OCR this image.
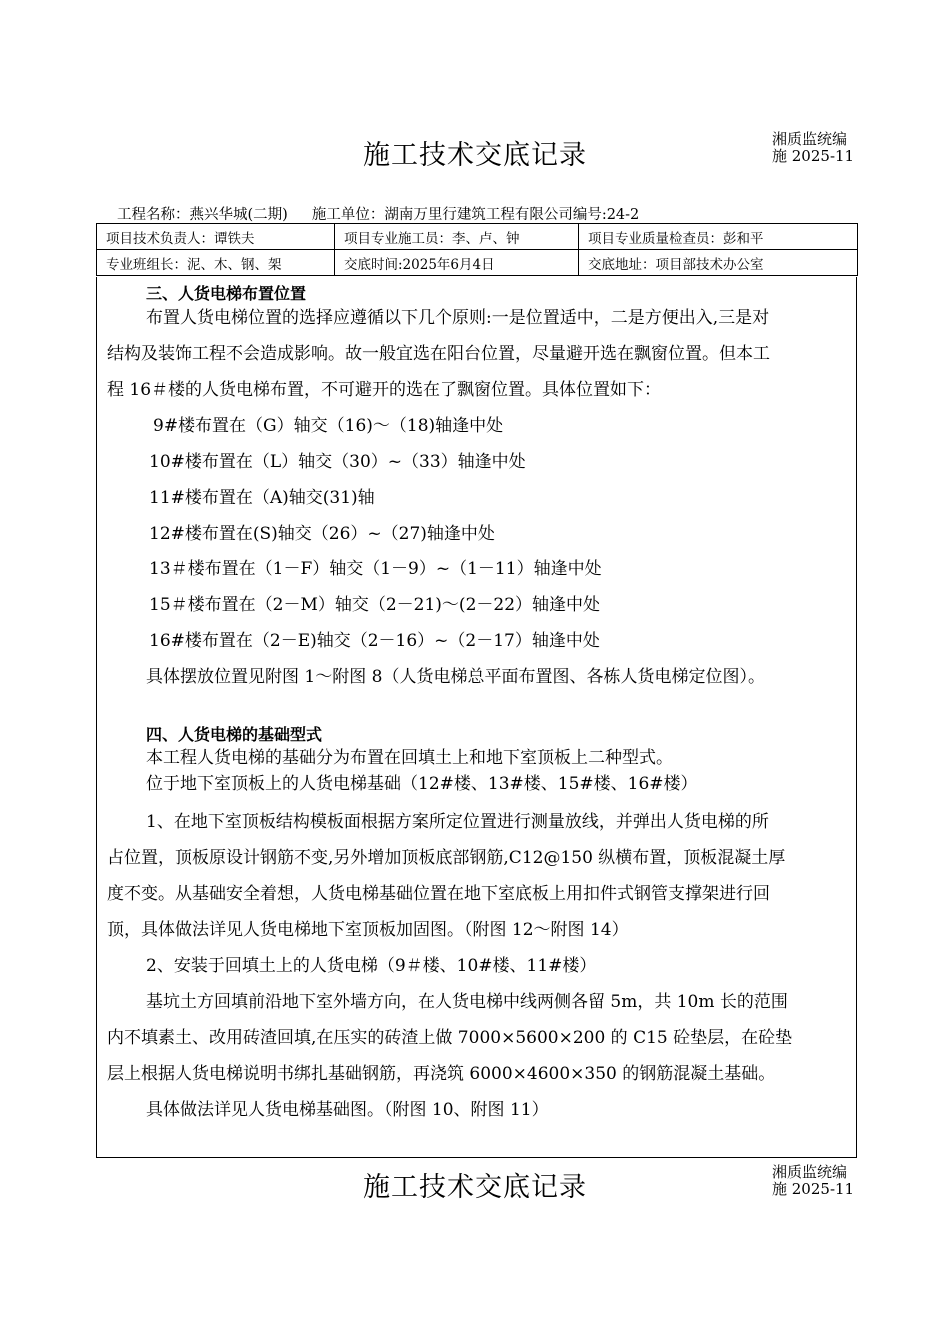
施工技术交底记录
湘质监统编
施 2025-11
工程名称：燕兴华城(二期) 施工单位：湖南万里行建筑工程有限公司编号:24-2
项目技术负责人：谭铁夫	项目专业施工员：李、卢、钟	项目专业质量检查员：彭和平
专业班组长：泥、木、钢、架	交底时间:2025年6月4日	交底地址：项目部技术办公室
三、人货电梯布置位置
布置人货电梯位置的选择应遵循以下几个原则:一是位置适中，二是方便出入,三是对
结构及装饰工程不会造成影响。故一般宜选在阳台位置，尽量避开选在飘窗位置。但本工
程 16＃楼的人货电梯布置，不可避开的选在了飘窗位置。具体位置如下：
9#楼布置在（G）轴交（16)～（18)轴逢中处
10#楼布置在（L）轴交（30）~（33）轴逢中处
11#楼布置在（A)轴交(31)轴
12#楼布置在(S)轴交（26）~（27)轴逢中处
13＃楼布置在（1－F）轴交（1－9）~（1－11）轴逢中处
15＃楼布置在（2－M）轴交（2－21)～(2－22）轴逢中处
16#楼布置在（2－E)轴交（2－16）~（2－17）轴逢中处
具体摆放位置见附图 1～附图 8（人货电梯总平面布置图、各栋人货电梯定位图）。
四、人货电梯的基础型式
本工程人货电梯的基础分为布置在回填土上和地下室顶板上二种型式。
位于地下室顶板上的人货电梯基础（12#楼、13#楼、15#楼、16#楼）
1、在地下室顶板结构模板面根据方案所定位置进行测量放线，并弹出人货电梯的所
占位置，顶板原设计钢筋不变,另外增加顶板底部钢筋,C12@150 纵横布置，顶板混凝土厚
度不变。从基础安全着想，人货电梯基础位置在地下室底板上用扣件式钢管支撑架进行回
顶，具体做法详见人货电梯地下室顶板加固图。（附图 12～附图 14）
2、安装于回填土上的人货电梯（9＃楼、10#楼、11#楼）
基坑土方回填前沿地下室外墙方向，在人货电梯中线两侧各留 5m，共 10m 长的范围
内不填素土、改用砖渣回填,在压实的砖渣上做 7000×5600×200 的 C15 砼垫层，在砼垫
层上根据人货电梯说明书绑扎基础钢筋，再浇筑 6000×4600×350 的钢筋混凝土基础。
具体做法详见人货电梯基础图。（附图 10、附图 11）
施工技术交底记录	湘质监统编
施 2025-11
